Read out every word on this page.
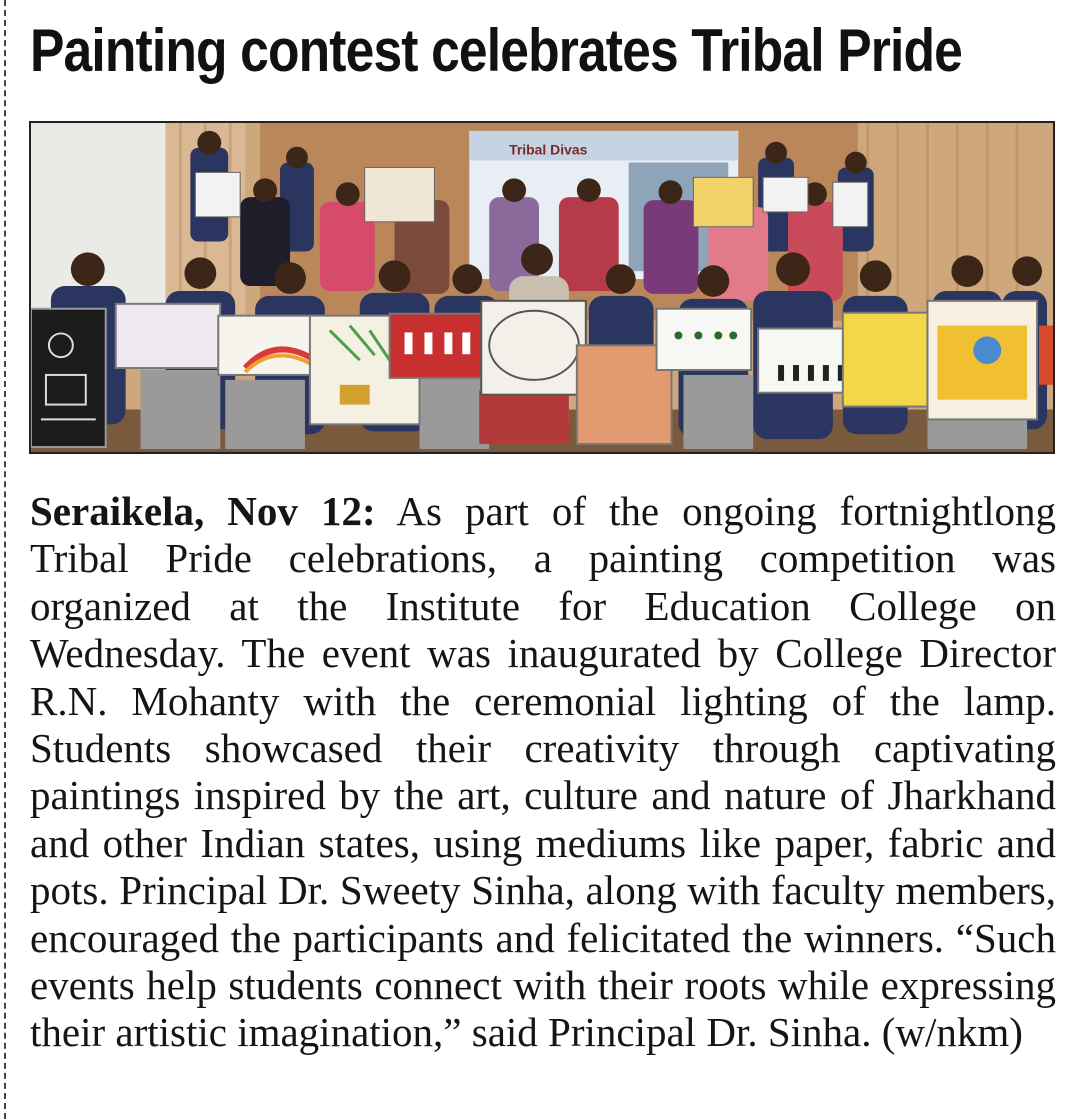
Painting contest celebrates Tribal Pride
Tribal Divas

Seraikela, Nov 12: As part of the ongoing fortnightlong Tribal Pride celebrations, a painting competition was organized at the Institute for Education College on Wednesday. The event was inaugurated by College Director R.N. Mohanty with the ceremonial lighting of the lamp. Students showcased their creativity through captivating paintings inspired by the art, culture and nature of Jharkhand and other Indian states, using mediums like paper, fabric and pots. Principal Dr. Sweety Sinha, along with faculty members, encouraged the participants and felicitated the winners. “Such events help students connect with their roots while expressing their artistic imagination,” said Principal Dr. Sinha. (w/nkm)
